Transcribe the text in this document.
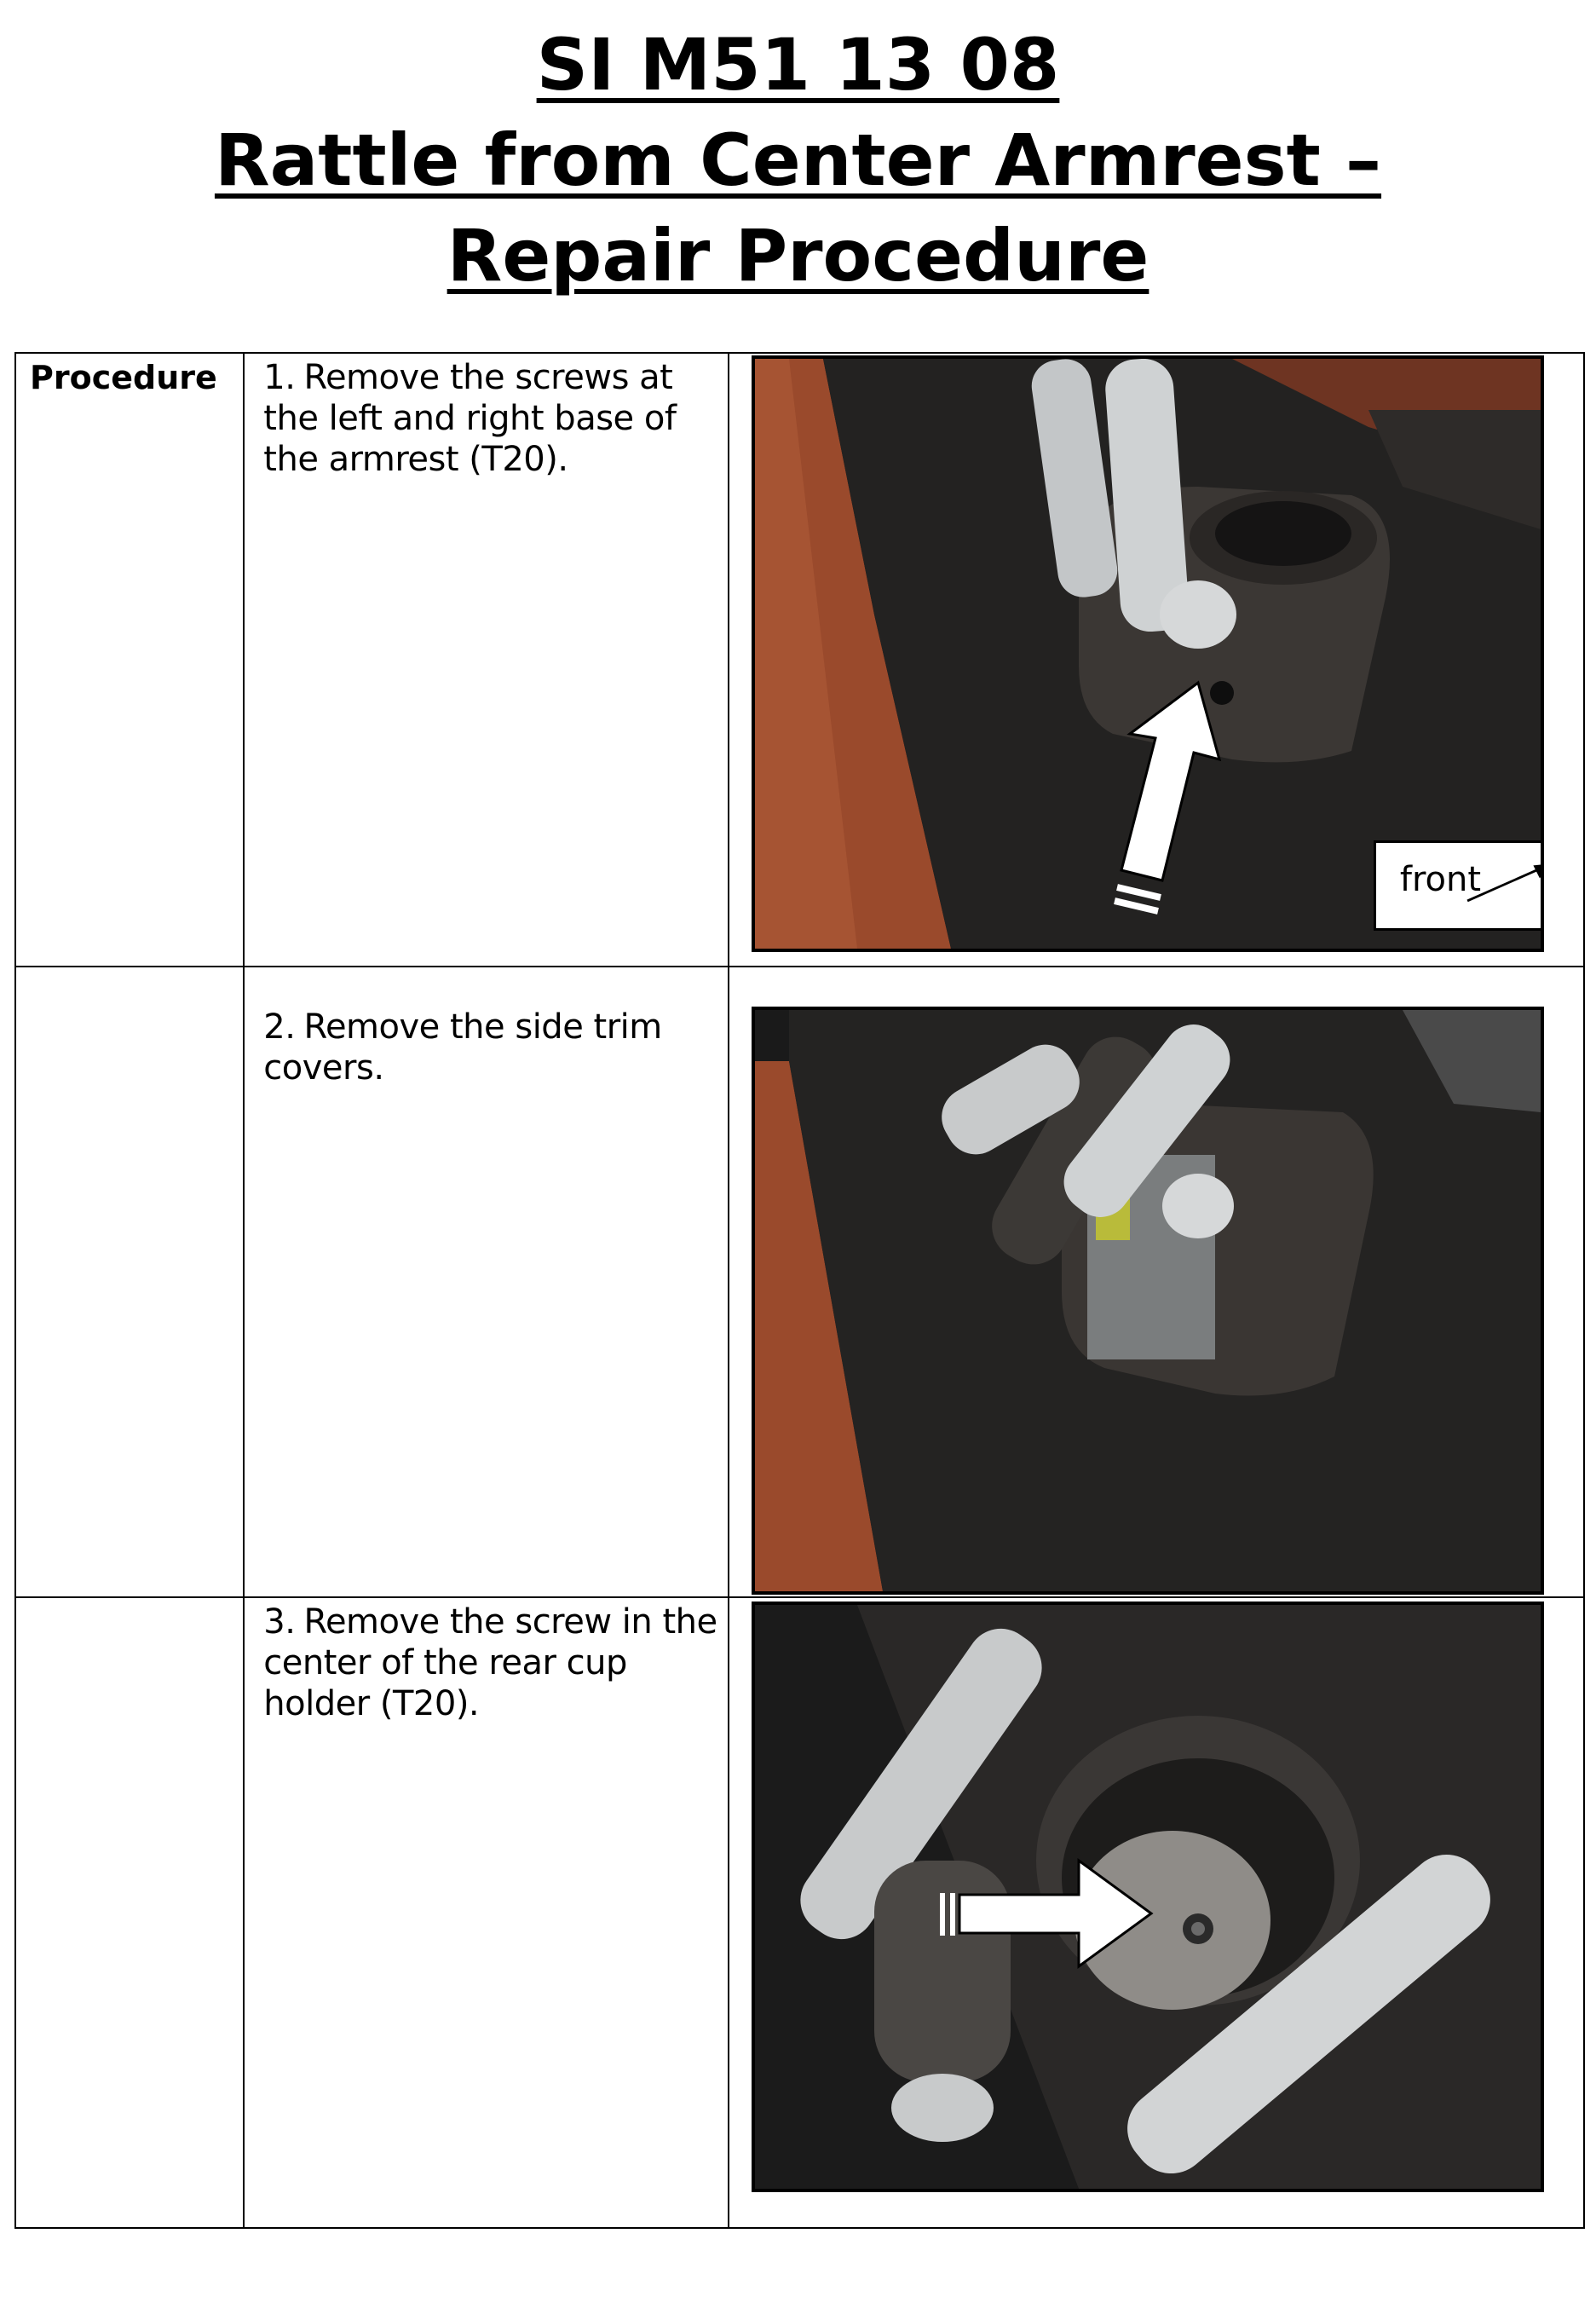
SI M51 13 08
Rattle from Center Armrest –
Repair Procedure
Procedure	1. Remove the screws at the left and right base of the armrest (T20).	front

	2. Remove the side trim covers.

	3. Remove the screw in the center of the rear cup holder (T20).
